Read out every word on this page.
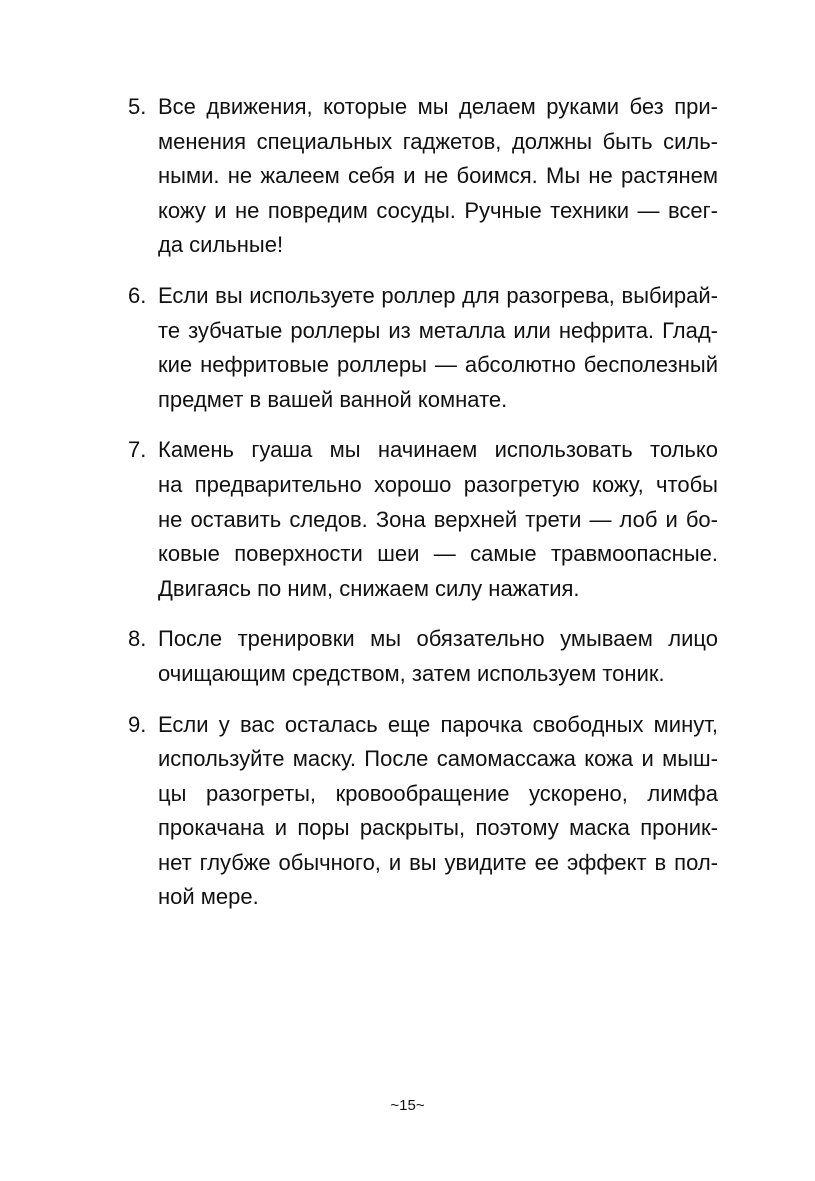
5. Все движения, которые мы делаем руками без при-
менения специальных гаджетов, должны быть силь-
ными. не жалеем себя и не боимся. Мы не растянем
кожу и не повредим сосуды. Ручные техники — всег-
да сильные!
6. Если вы используете роллер для разогрева, выбирай-
те зубчатые роллеры из металла или нефрита. Глад-
кие нефритовые роллеры — абсолютно бесполезный
предмет в вашей ванной комнате.
7. Камень гуаша мы начинаем использовать только
на предварительно хорошо разогретую кожу, чтобы
не оставить следов. Зона верхней трети — лоб и бо-
ковые поверхности шеи — самые травмоопасные.
Двигаясь по ним, снижаем силу нажатия.
8. После тренировки мы обязательно умываем лицо
очищающим средством, затем используем тоник.
9. Если у вас осталась еще парочка свободных минут,
используйте маску. После самомассажа кожа и мыш-
цы разогреты, кровообращение ускорено, лимфа
прокачана и поры раскрыты, поэтому маска проник-
нет глубже обычного, и вы увидите ее эффект в пол-
ной мере.
~15~
